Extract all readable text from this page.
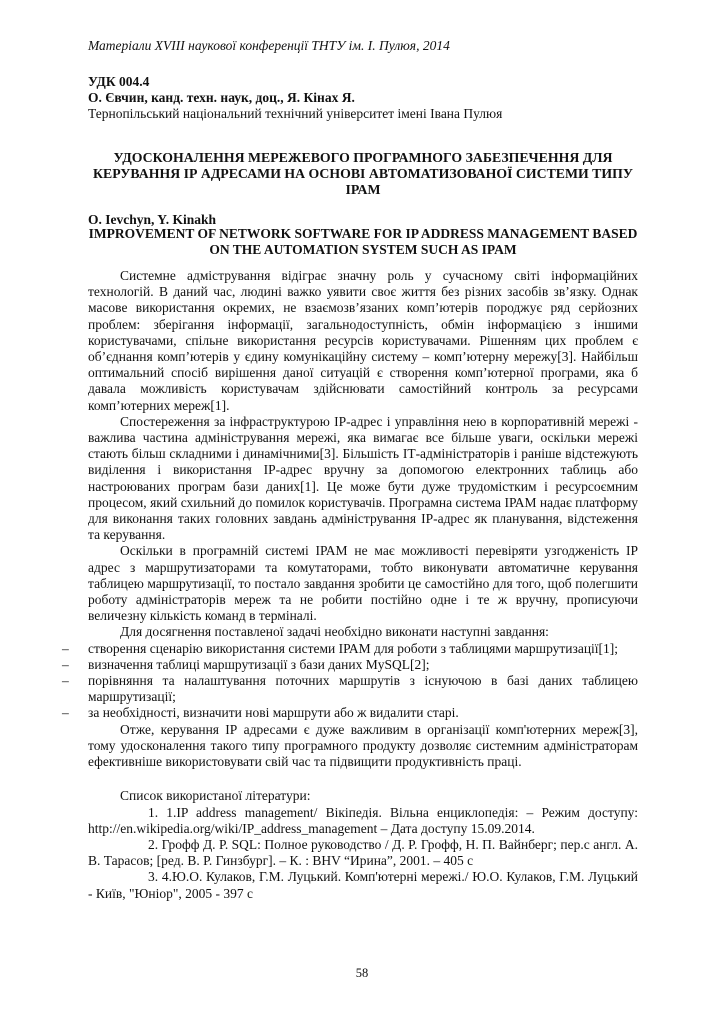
Матеріали XVIII наукової конференції ТНТУ ім. І. Пулюя, 2014
УДК 004.4
О. Євчин, канд. техн. наук, доц., Я. Кінах Я.
Тернопільський національний технічний університет імені Івана Пулюя
УДОСКОНАЛЕННЯ МЕРЕЖЕВОГО ПРОГРАМНОГО ЗАБЕЗПЕЧЕННЯ ДЛЯ КЕРУВАННЯ ІР АДРЕСАМИ НА ОСНОВІ АВТОМАТИЗОВАНОЇ СИСТЕМИ ТИПУ ІРАМ
O. Ievchyn, Y. Kinakh
IMPROVEMENT OF NETWORK SOFTWARE FOR IP ADDRESS MANAGEMENT BASED ON THE AUTOMATION SYSTEM SUCH AS IPAM

Системне адмістрування відіграє значну роль у сучасному світі інформаційних технологій. В даний час, людині важко уявити своє життя без різних засобів зв’язку. Однак масове використання окремих, не взаємозв’язаних комп’ютерів породжує ряд серйозних проблем: зберігання інформації, загальнодоступність, обмін інформацією з іншими користувачами, спільне використання ресурсів користувачами. Рішенням цих проблем є об’єднання комп’ютерів у єдину комунікаційну систему – комп’ютерну мережу[3]. Найбільш оптимальний спосіб вирішення даної ситуацій є створення комп’ютерної програми, яка б давала можливість користувачам здійснювати самостійний контроль за ресурсами комп’ютерних мереж[1].

Спостереження за інфраструктурою ІР-адрес і управління нею в корпоративній мережі - важлива частина адміністрування мережі, яка вимагає все більше уваги, оскільки мережі стають більш складними і динамічними[3]. Більшість ІТ-адміністраторів і раніше відстежують виділення і використання ІР-адрес вручну за допомогою електронних таблиць або настроюваних програм бази даних[1]. Це може бути дуже трудомістким і ресурсоємним процесом, який схильний до помилок користувачів. Програмна система ІРАМ надає платформу для виконання таких головних завдань адміністрування ІР-адрес як планування, відстеження та керування.

Оскільки в програмній системі ІРАМ не має можливості перевіряти узгодженість ІР адрес з маршрутизаторами та комутаторами, тобто виконувати автоматичне керування таблицею маршрутизації, то постало завдання зробити це самостійно для того, щоб полегшити роботу адміністраторів мереж та не робити постійно одне і те ж вручну, прописуючи величезну кількість команд в терміналі.

Для досягнення поставленої задачі необхідно виконати наступні завдання:

– створення сценарію використання системи ІРАМ для роботи з таблицями маршрутизації[1];
– визначення таблиці маршрутизації з бази даних MySQL[2];
– порівняння та налаштування поточних маршрутів з існуючою в базі даних таблицею маршрутизації;
– за необхідності, визначити нові маршрути або ж видалити старі.

Отже, керування ІР адресами є дуже важливим в організації комп'ютерних мереж[3], тому удосконалення такого типу програмного продукту дозволяє системним адміністраторам ефективніше використовувати свій час та підвищити продуктивність праці.

Список використаної літератури:
1. 1.IP address management/ Вікіпедія. Вільна енциклопедія: – Режим доступу: http://en.wikipedia.org/wiki/IP_address_management – Дата доступу 15.09.2014.
2. Грофф Д. Р. SQL: Полное руководство / Д. Р. Грофф, Н. П. Вайнберг; пер.с англ. А. В. Тарасов; [ред. В. Р. Гинзбург]. – К. : BHV “Ирина”, 2001. – 405 с
3. 4.Ю.О. Кулаков, Г.М. Луцький. Комп'ютерні мережі./ Ю.О. Кулаков, Г.М. Луцький - Київ, "Юніор", 2005 - 397 с
58
